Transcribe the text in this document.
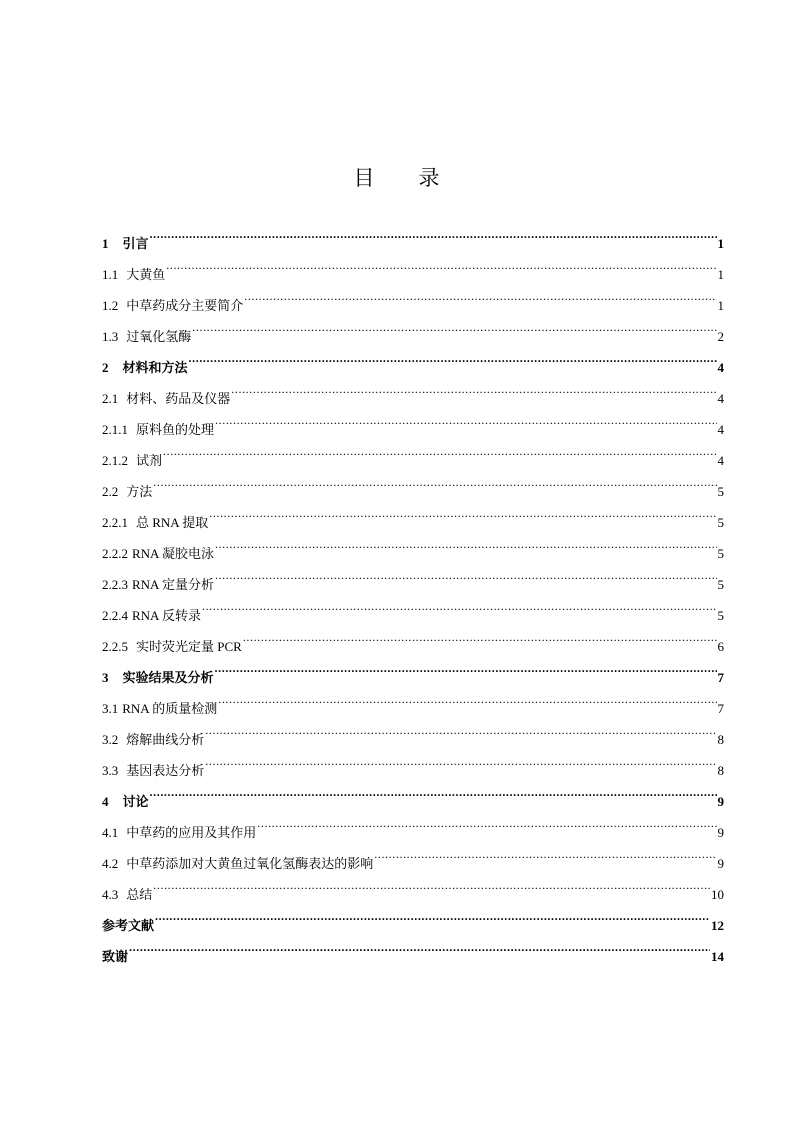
目 录
1 引言 .....	1
1.1 大黄鱼 .....	1
1.2 中草药成分主要简介 .....	1
1.3 过氧化氢酶 .....	2
2 材料和方法 .....	4
2.1 材料、药品及仪器 .....	4
2.1.1 原料鱼的处理 .....	4
2.1.2 试剂 .....	4
2.2 方法 .....	5
2.2.1 总 RNA 提取 .....	5
2.2.2 RNA 凝胶电泳 .....	5
2.2.3 RNA 定量分析 .....	5
2.2.4 RNA 反转录 .....	5
2.2.5 实时荧光定量 PCR .....	6
3 实验结果及分析 .....	7
3.1 RNA 的质量检测 .....	7
3.2 熔解曲线分析 .....	8
3.3 基因表达分析 .....	8
4 讨论 .....	9
4.1 中草药的应用及其作用 .....	9
4.2 中草药添加对大黄鱼过氧化氢酶表达的影响 .....	9
4.3 总结 .....	10
参考文献 .....	12
致谢 .....	14
